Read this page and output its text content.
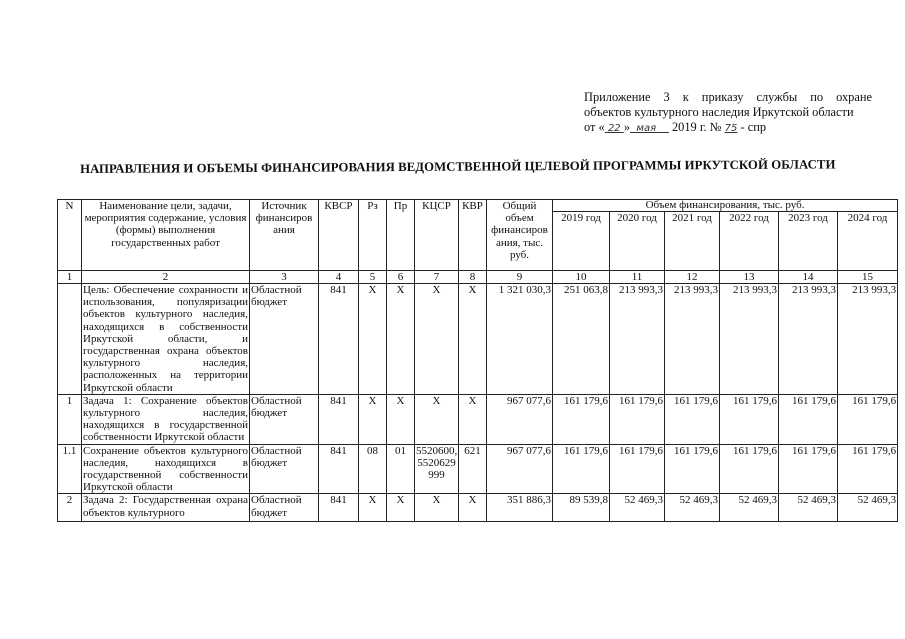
Приложение 3 к приказу службы по охране
объектов культурного наследия Иркутской области
от « 22 » мая 2019 г. № 75 - спр
НАПРАВЛЕНИЯ И ОБЪЕМЫ ФИНАНСИРОВАНИЯ ВЕДОМСТВЕННОЙ ЦЕЛЕВОЙ ПРОГРАММЫ ИРКУТСКОЙ ОБЛАСТИ
N	Наименование цели, задачи, мероприятия содержание, условия (формы) выполнения государственных работ	Источник финансиров ания	КВСР	Рз	Пр	КЦСР	КВР	Общий объем финансиров ания, тыс. руб.	Объем финансирования, тыс. руб.					
									2019 год	2020 год	2021 год	2022 год	2023 год	2024 год
1	2	3	4	5	6	7	8	9	10	11	12	13	14	15
	Цель: Обеспечение сохранности и использования, популяризации объектов культурного наследия, находящихся в собственности Иркутской области, и государственная охрана объектов культурного наследия, расположенных на территории Иркутской области	Областной бюджет	841	Х	Х	Х	Х	1 321 030,3	251 063,8	213 993,3	213 993,3	213 993,3	213 993,3	213 993,3
1	Задача 1: Сохранение объектов культурного наследия, находящихся в государственной собственности Иркутской области	Областной бюджет	841	Х	Х	Х	Х	967 077,6	161 179,6	161 179,6	161 179,6	161 179,6	161 179,6	161 179,6
1.1	Сохранение объектов культурного наследия, находящихся в государственной собственности Иркутской области	Областной бюджет	841	08	01	5520600, 5520629 999	621	967 077,6	161 179,6	161 179,6	161 179,6	161 179,6	161 179,6	161 179,6
2	Задача 2: Государственная охрана объектов культурного	Областной бюджет	841	Х	Х	Х	Х	351 886,3	89 539,8	52 469,3	52 469,3	52 469,3	52 469,3	52 469,3
